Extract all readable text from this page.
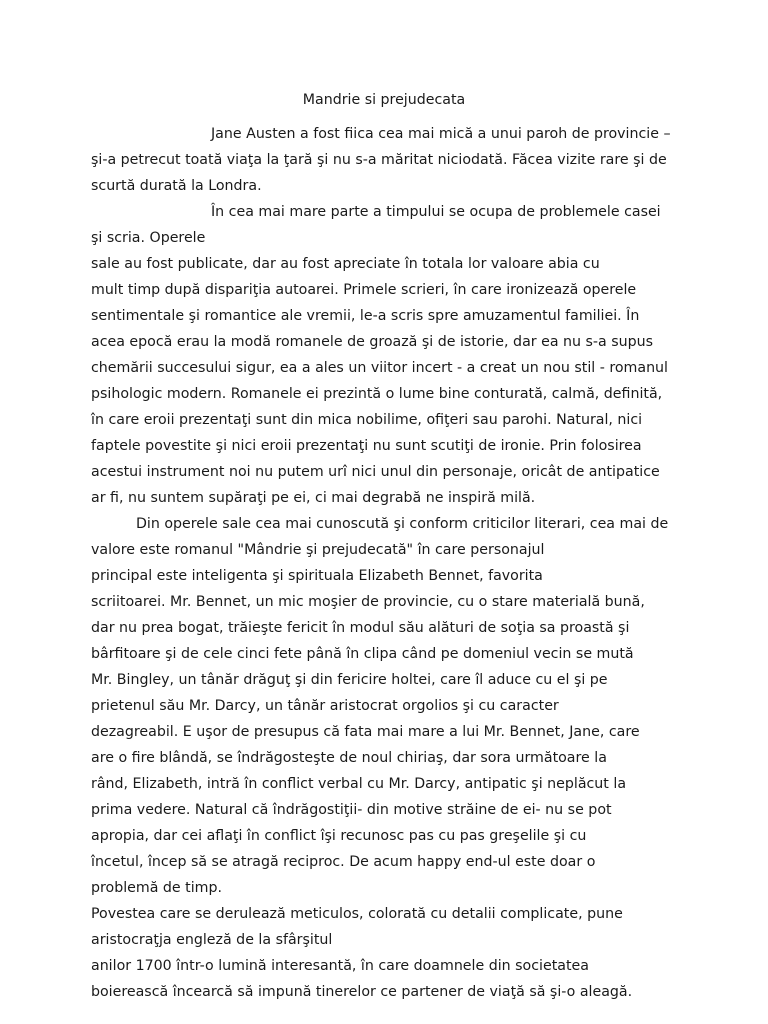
Mandrie si prejudecata
Jane Austen a fost fiica cea mai mică a unui paroh de provincie –
şi-a petrecut toată viaţa la ţară şi nu s-a măritat niciodată. Făcea vizite rare şi de
scurtă durată la Londra.
În cea mai mare parte a timpului se ocupa de problemele casei
şi scria. Operele
sale au fost publicate, dar au fost apreciate în totala lor valoare abia cu
mult timp după dispariţia autoarei. Primele scrieri, în care ironizează operele
sentimentale şi romantice ale vremii, le-a scris spre amuzamentul familiei. În
acea epocă erau la modă romanele de groază şi de istorie, dar ea nu s-a supus
chemării succesului sigur, ea a ales un viitor incert - a creat un nou stil - romanul
psihologic modern. Romanele ei prezintă o lume bine conturată, calmă, definită,
în care eroii prezentaţi sunt din mica nobilime, ofiţeri sau parohi. Natural, nici
faptele povestite şi nici eroii prezentaţi nu sunt scutiţi de ironie. Prin folosirea
acestui instrument noi nu putem urî nici unul din personaje, oricât de antipatice
ar fi, nu suntem supăraţi pe ei, ci mai degrabă ne inspiră milă.
Din operele sale cea mai cunoscută şi conform criticilor literari, cea mai de
valore este romanul "Mândrie şi prejudecată" în care personajul
principal este inteligenta şi spirituala Elizabeth Bennet, favorita
scriitoarei. Mr. Bennet, un mic moşier de provincie, cu o stare materială bună,
dar nu prea bogat, trăieşte fericit în modul său alături de soţia sa proastă şi
bârfitoare şi de cele cinci fete până în clipa când pe domeniul vecin se mută
Mr. Bingley, un tânăr drăguţ şi din fericire holtei, care îl aduce cu el şi pe
prietenul său Mr. Darcy, un tânăr aristocrat orgolios şi cu caracter
dezagreabil. E uşor de presupus că fata mai mare a lui Mr. Bennet, Jane, care
are o fire blândă, se îndrăgosteşte de noul chiriaş, dar sora următoare la
rând, Elizabeth, intră în conflict verbal cu Mr. Darcy, antipatic şi neplăcut la
prima vedere. Natural că îndrăgostiţii- din motive străine de ei- nu se pot
apropia, dar cei aflaţi în conflict îşi recunosc pas cu pas greşelile şi cu
încetul, încep să se atragă reciproc. De acum happy end-ul este doar o
problemă de timp.
Povestea care se derulează meticulos, colorată cu detalii complicate, pune
aristocraţja engleză de la sfârşitul
anilor 1700 într-o lumină interesantă, în care doamnele din societatea
boierească încearcă să impună tinerelor ce partener de viaţă să şi-o aleagă.
